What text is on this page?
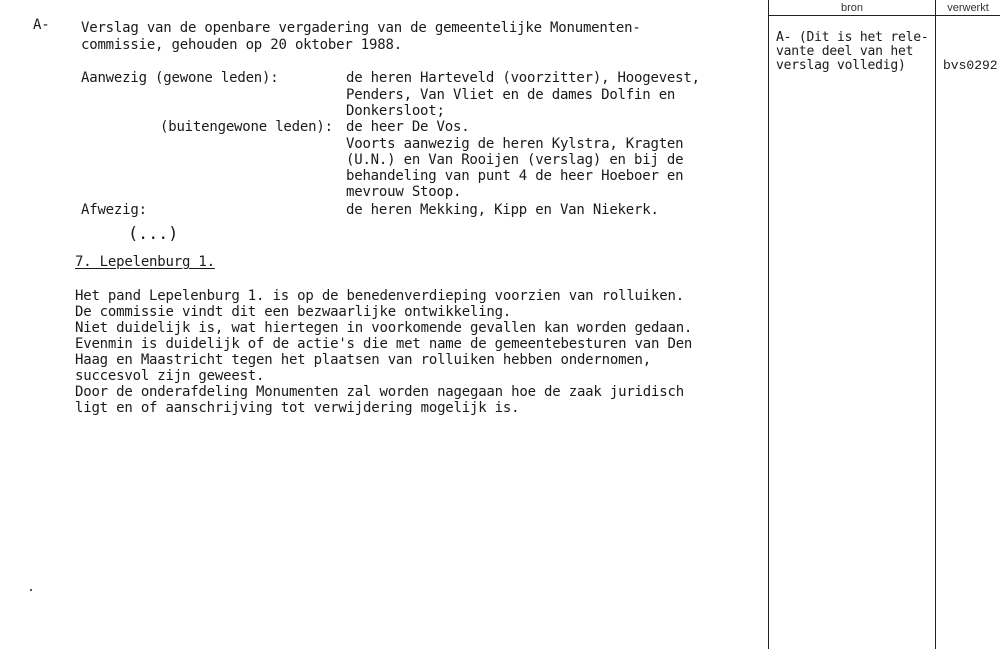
bron	verwerkt
A- (Dit is het rele-
vante deel van het
verslag volledig)	bvs0292
A- Verslag van de openbare vergadering van de gemeentelijke Monumenten-
commissie, gehouden op 20 oktober 1988.
Aanwezig (gewone leden):	de heren Harteveld (voorzitter), Hoogevest,
Penders, Van Vliet en de dames Dolfin en
Donkersloot;
(buitengewone leden): de heer De Vos.
Voorts aanwezig de heren Kylstra, Kragten
(U.N.) en Van Rooijen (verslag) en bij de
behandeling van punt 4 de heer Hoeboer en
mevrouw Stoop.
Afwezig:	de heren Mekking, Kipp en Van Niekerk.
(...)
7. Lepelenburg 1.
Het pand Lepelenburg 1. is op de benedenverdieping voorzien van rolluiken.
De commissie vindt dit een bezwaarlijke ontwikkeling.
Niet duidelijk is, wat hiertegen in voorkomende gevallen kan worden gedaan.
Evenmin is duidelijk of de actie's die met name de gemeentebesturen van Den
Haag en Maastricht tegen het plaatsen van rolluiken hebben ondernomen,
succesvol zijn geweest.
Door de onderafdeling Monumenten zal worden nagegaan hoe de zaak juridisch
ligt en of aanschrijving tot verwijdering mogelijk is.
